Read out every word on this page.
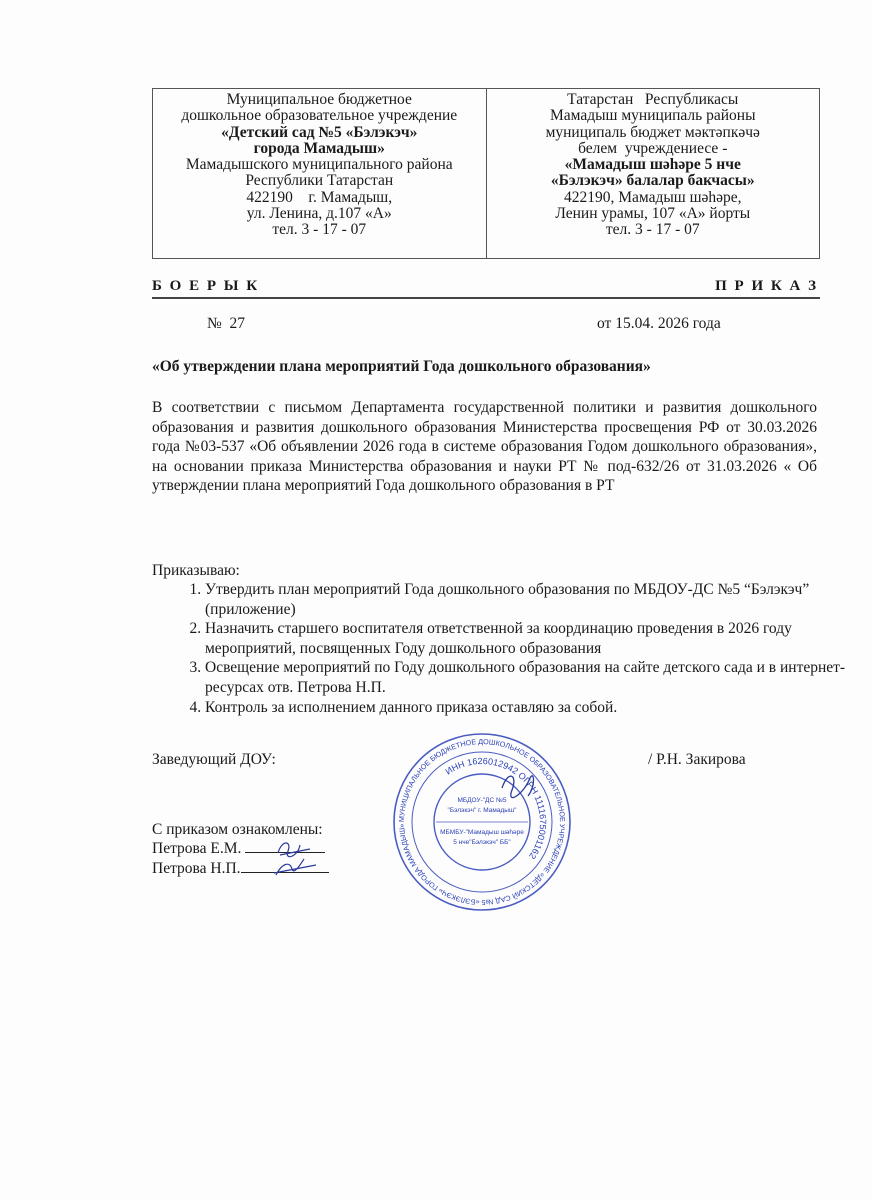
Муниципальное бюджетное
дошкольное образовательное учреждение
«Детский сад №5 «Бэлэкэч»
города Мамадыш»
Мамадышского муниципального района
Республики Татарстан
422190    г. Мамадыш,
ул. Ленина, д.107 «А»
тел. 3 - 17 - 07
Татарстан   Республикасы
Мамадыш муниципаль районы
муниципаль бюджет мәктәпкәчә
белем  учреждениесе -
«Мамадыш шәһәре 5 нче
«Бэлэкэч» балалар бакчасы»
422190, Мамадыш шәһәре,
Ленин урамы, 107 «А» йорты
тел. 3 - 17 - 07
Б О Е Р Ы К	П Р И К А З
№  27	от 15.04. 2026 года
«Об утверждении плана мероприятий Года дошкольного образования»
В соответствии с письмом Департамента государственной политики и развития дошкольного образования и развития дошкольного образования Министерства просвещения РФ от 30.03.2026 года №03-537 «Об объявлении 2026 года в системе образования Годом дошкольного образования», на основании приказа Министерства образования и науки РТ № под-632/26 от 31.03.2026 « Об утверждении плана мероприятий Года дошкольного образования в РТ
Приказываю:
1. Утвердить план мероприятий Года дошкольного образования по МБДОУ-ДС №5 “Бэлэкэч” (приложение)
2. Назначить старшего воспитателя ответственной за координацию проведения в 2026 году мероприятий, посвященных Году дошкольного образования
3. Освещение мероприятий по Году дошкольного образования на сайте детского сада и в интернет-ресурсах отв. Петрова Н.П.
4. Контроль за исполнением данного приказа оставляю за собой.
Заведующий ДОУ:	/ Р.Н. Закирова
С приказом ознакомлены:
Петрова Е.М.
Петрова Н.П.
МУНИЦИПАЛЬНОЕ БЮДЖЕТНОЕ ДОШКОЛЬНОЕ ОБРАЗОВАТЕЛЬНОЕ УЧРЕЖДЕНИЕ «ДЕТСКИЙ САД №5 «БЭЛЭКЭЧ» ГОРОДА МАМАДЫШ»
ИНН 1626012942 ОГРН 1111675001162
МБДОУ-"ДС №5
"Бэлэкэч" г. Мамадыш"
МБМБУ-"Мамадыш шәһәре
5 нче"Бэлэкэч" ББ"
